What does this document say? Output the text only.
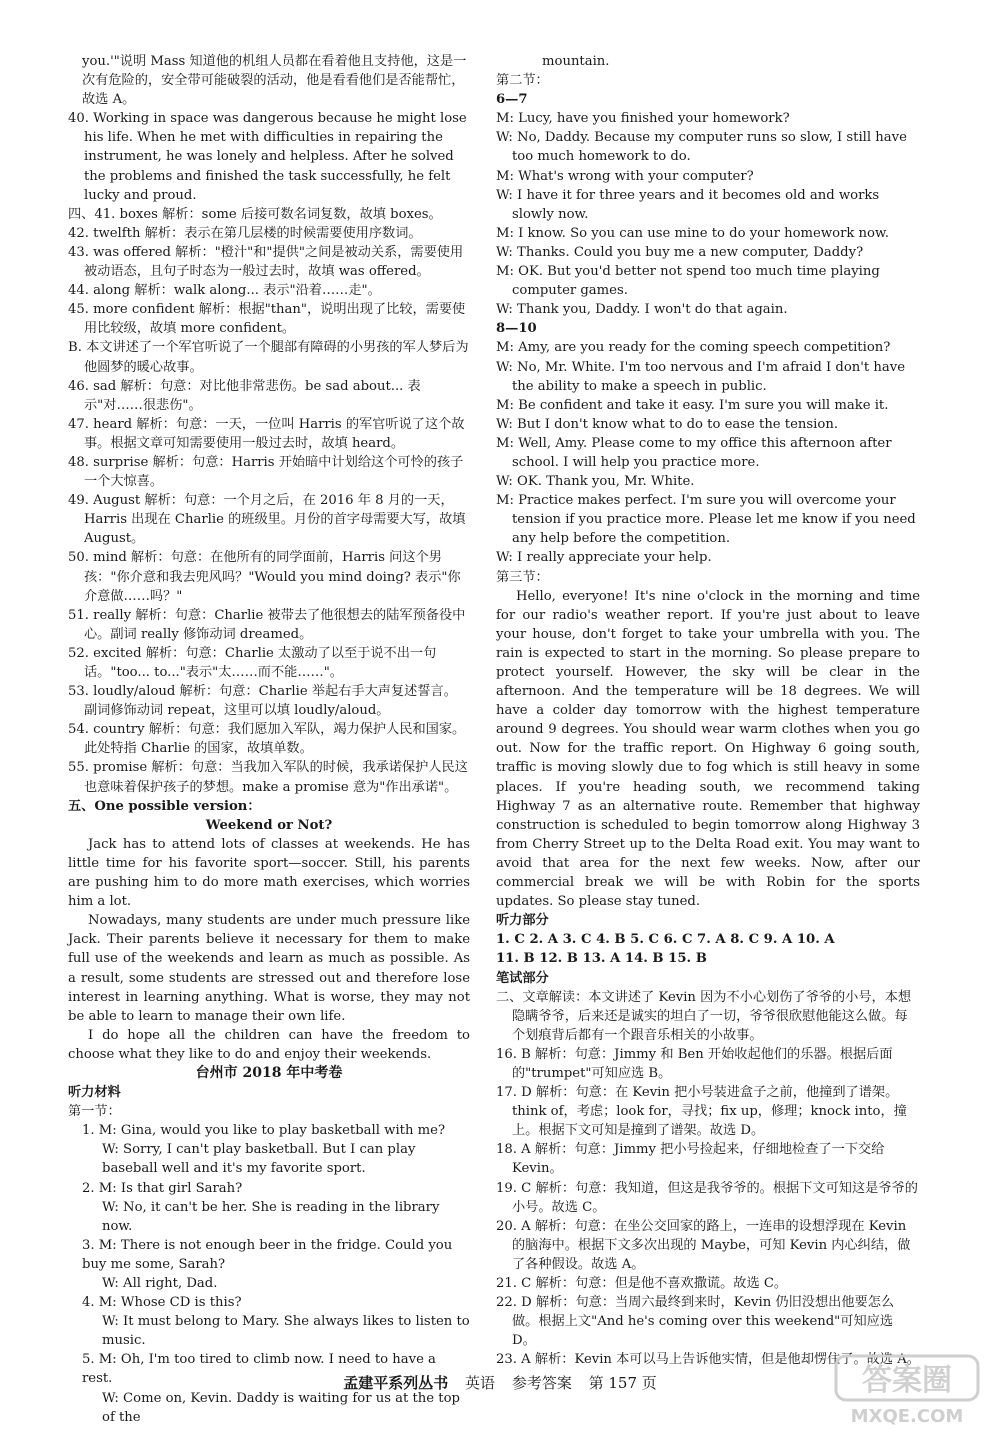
you.'"说明 Mass 知道他的机组人员都在看着他且支持他，这是一次有危险的，安全带可能破裂的活动，他是看看他们是否能帮忙，故选 A。

40. Working in space was dangerous because he might lose his life. When he met with difficulties in repairing the instrument, he was lonely and helpless. After he solved the problems and finished the task successfully, he felt lucky and proud.

四、41. boxes 解析：some 后接可数名词复数，故填 boxes。

42. twelfth 解析：表示在第几层楼的时候需要使用序数词。

43. was offered 解析："橙汁"和"提供"之间是被动关系，需要使用被动语态，且句子时态为一般过去时，故填 was offered。

44. along 解析：walk along... 表示"沿着……走"。

45. more confident 解析：根据"than"，说明出现了比较，需要使用比较级，故填 more confident。

B. 本文讲述了一个军官听说了一个腿部有障碍的小男孩的军人梦后为他圆梦的暖心故事。

46. sad 解析：句意：对比他非常悲伤。be sad about... 表示"对……很悲伤"。

47. heard 解析：句意：一天，一位叫 Harris 的军官听说了这个故事。根据文章可知需要使用一般过去时，故填 heard。

48. surprise 解析：句意：Harris 开始暗中计划给这个可怜的孩子一个大惊喜。

49. August 解析：句意：一个月之后，在 2016 年 8 月的一天，Harris 出现在 Charlie 的班级里。月份的首字母需要大写，故填 August。

50. mind 解析：句意：在他所有的同学面前，Harris 问这个男孩："你介意和我去兜风吗？"Would you mind doing? 表示"你介意做……吗？"

51. really 解析：句意：Charlie 被带去了他很想去的陆军预备役中心。副词 really 修饰动词 dreamed。

52. excited 解析：句意：Charlie 太激动了以至于说不出一句话。"too... to..."表示"太……而不能……"。

53. loudly/aloud 解析：句意：Charlie 举起右手大声复述誓言。副词修饰动词 repeat，这里可以填 loudly/aloud。

54. country 解析：句意：我们愿加入军队，竭力保护人民和国家。此处特指 Charlie 的国家，故填单数。

55. promise 解析：句意：当我加入军队的时候，我承诺保护人民这也意味着保护孩子的梦想。make a promise 意为"作出承诺"。

五、One possible version：

Weekend or Not?

Jack has to attend lots of classes at weekends. He has little time for his favorite sport—soccer. Still, his parents are pushing him to do more math exercises, which worries him a lot.

Nowadays, many students are under much pressure like Jack. Their parents believe it necessary for them to make full use of the weekends and learn as much as possible. As a result, some students are stressed out and therefore lose interest in learning anything. What is worse, they may not be able to learn to manage their own life.

I do hope all the children can have the freedom to choose what they like to do and enjoy their weekends.

台州市 2018 年中考卷

听力材料

第一节：

1. M: Gina, would you like to play basketball with me?

W: Sorry, I can't play basketball. But I can play baseball well and it's my favorite sport.

2. M: Is that girl Sarah?

W: No, it can't be her. She is reading in the library now.

3. M: There is not enough beer in the fridge. Could you buy me some, Sarah?

W: All right, Dad.

4. M: Whose CD is this?

W: It must belong to Mary. She always likes to listen to music.

5. M: Oh, I'm too tired to climb now. I need to have a rest.

W: Come on, Kevin. Daddy is waiting for us at the top of the

mountain.

第二节：

6—7

M: Lucy, have you finished your homework?

W: No, Daddy. Because my computer runs so slow, I still have too much homework to do.

M: What's wrong with your computer?

W: I have it for three years and it becomes old and works slowly now.

M: I know. So you can use mine to do your homework now.

W: Thanks. Could you buy me a new computer, Daddy?

M: OK. But you'd better not spend too much time playing computer games.

W: Thank you, Daddy. I won't do that again.

8—10

M: Amy, are you ready for the coming speech competition?

W: No, Mr. White. I'm too nervous and I'm afraid I don't have the ability to make a speech in public.

M: Be confident and take it easy. I'm sure you will make it.

W: But I don't know what to do to ease the tension.

M: Well, Amy. Please come to my office this afternoon after school. I will help you practice more.

W: OK. Thank you, Mr. White.

M: Practice makes perfect. I'm sure you will overcome your tension if you practice more. Please let me know if you need any help before the competition.

W: I really appreciate your help.

第三节：

Hello, everyone! It's nine o'clock in the morning and time for our radio's weather report. If you're just about to leave your house, don't forget to take your umbrella with you. The rain is expected to start in the morning. So please prepare to protect yourself. However, the sky will be clear in the afternoon. And the temperature will be 18 degrees. We will have a colder day tomorrow with the highest temperature around 9 degrees. You should wear warm clothes when you go out. Now for the traffic report. On Highway 6 going south, traffic is moving slowly due to fog which is still heavy in some places. If you're heading south, we recommend taking Highway 7 as an alternative route. Remember that highway construction is scheduled to begin tomorrow along Highway 3 from Cherry Street up to the Delta Road exit. You may want to avoid that area for the next few weeks. Now, after our commercial break we will be with Robin for the sports updates. So please stay tuned.

听力部分

1. C 2. A 3. C 4. B 5. C 6. C 7. A 8. C 9. A 10. A

11. B 12. B 13. A 14. B 15. B

笔试部分

二、文章解读：本文讲述了 Kevin 因为不小心划伤了爷爷的小号，本想隐瞒爷爷，后来还是诚实的坦白了一切，爷爷很欣慰他能这么做。每个划痕背后都有一个跟音乐相关的小故事。

16. B 解析：句意：Jimmy 和 Ben 开始收起他们的乐器。根据后面的"trumpet"可知应选 B。

17. D 解析：句意：在 Kevin 把小号装进盒子之前，他撞到了谱架。think of，考虑；look for，寻找；fix up，修理；knock into，撞上。根据下文可知是撞到了谱架。故选 D。

18. A 解析：句意：Jimmy 把小号捡起来，仔细地检查了一下交给 Kevin。

19. C 解析：句意：我知道，但这是我爷爷的。根据下文可知这是爷爷的小号。故选 C。

20. A 解析：句意：在坐公交回家的路上，一连串的设想浮现在 Kevin 的脑海中。根据下文多次出现的 Maybe，可知 Kevin 内心纠结，做了各种假设。故选 A。

21. C 解析：句意：但是他不喜欢撒谎。故选 C。

22. D 解析：句意：当周六最终到来时，Kevin 仍旧没想出他要怎么做。根据上文"And he's coming over this weekend"可知应选 D。

23. A 解析：Kevin 本可以马上告诉他实情，但是他却愣住了。故选 A。

孟建平系列丛书 英语 参考答案 第 157 页	答案圈
MXQE.COM
